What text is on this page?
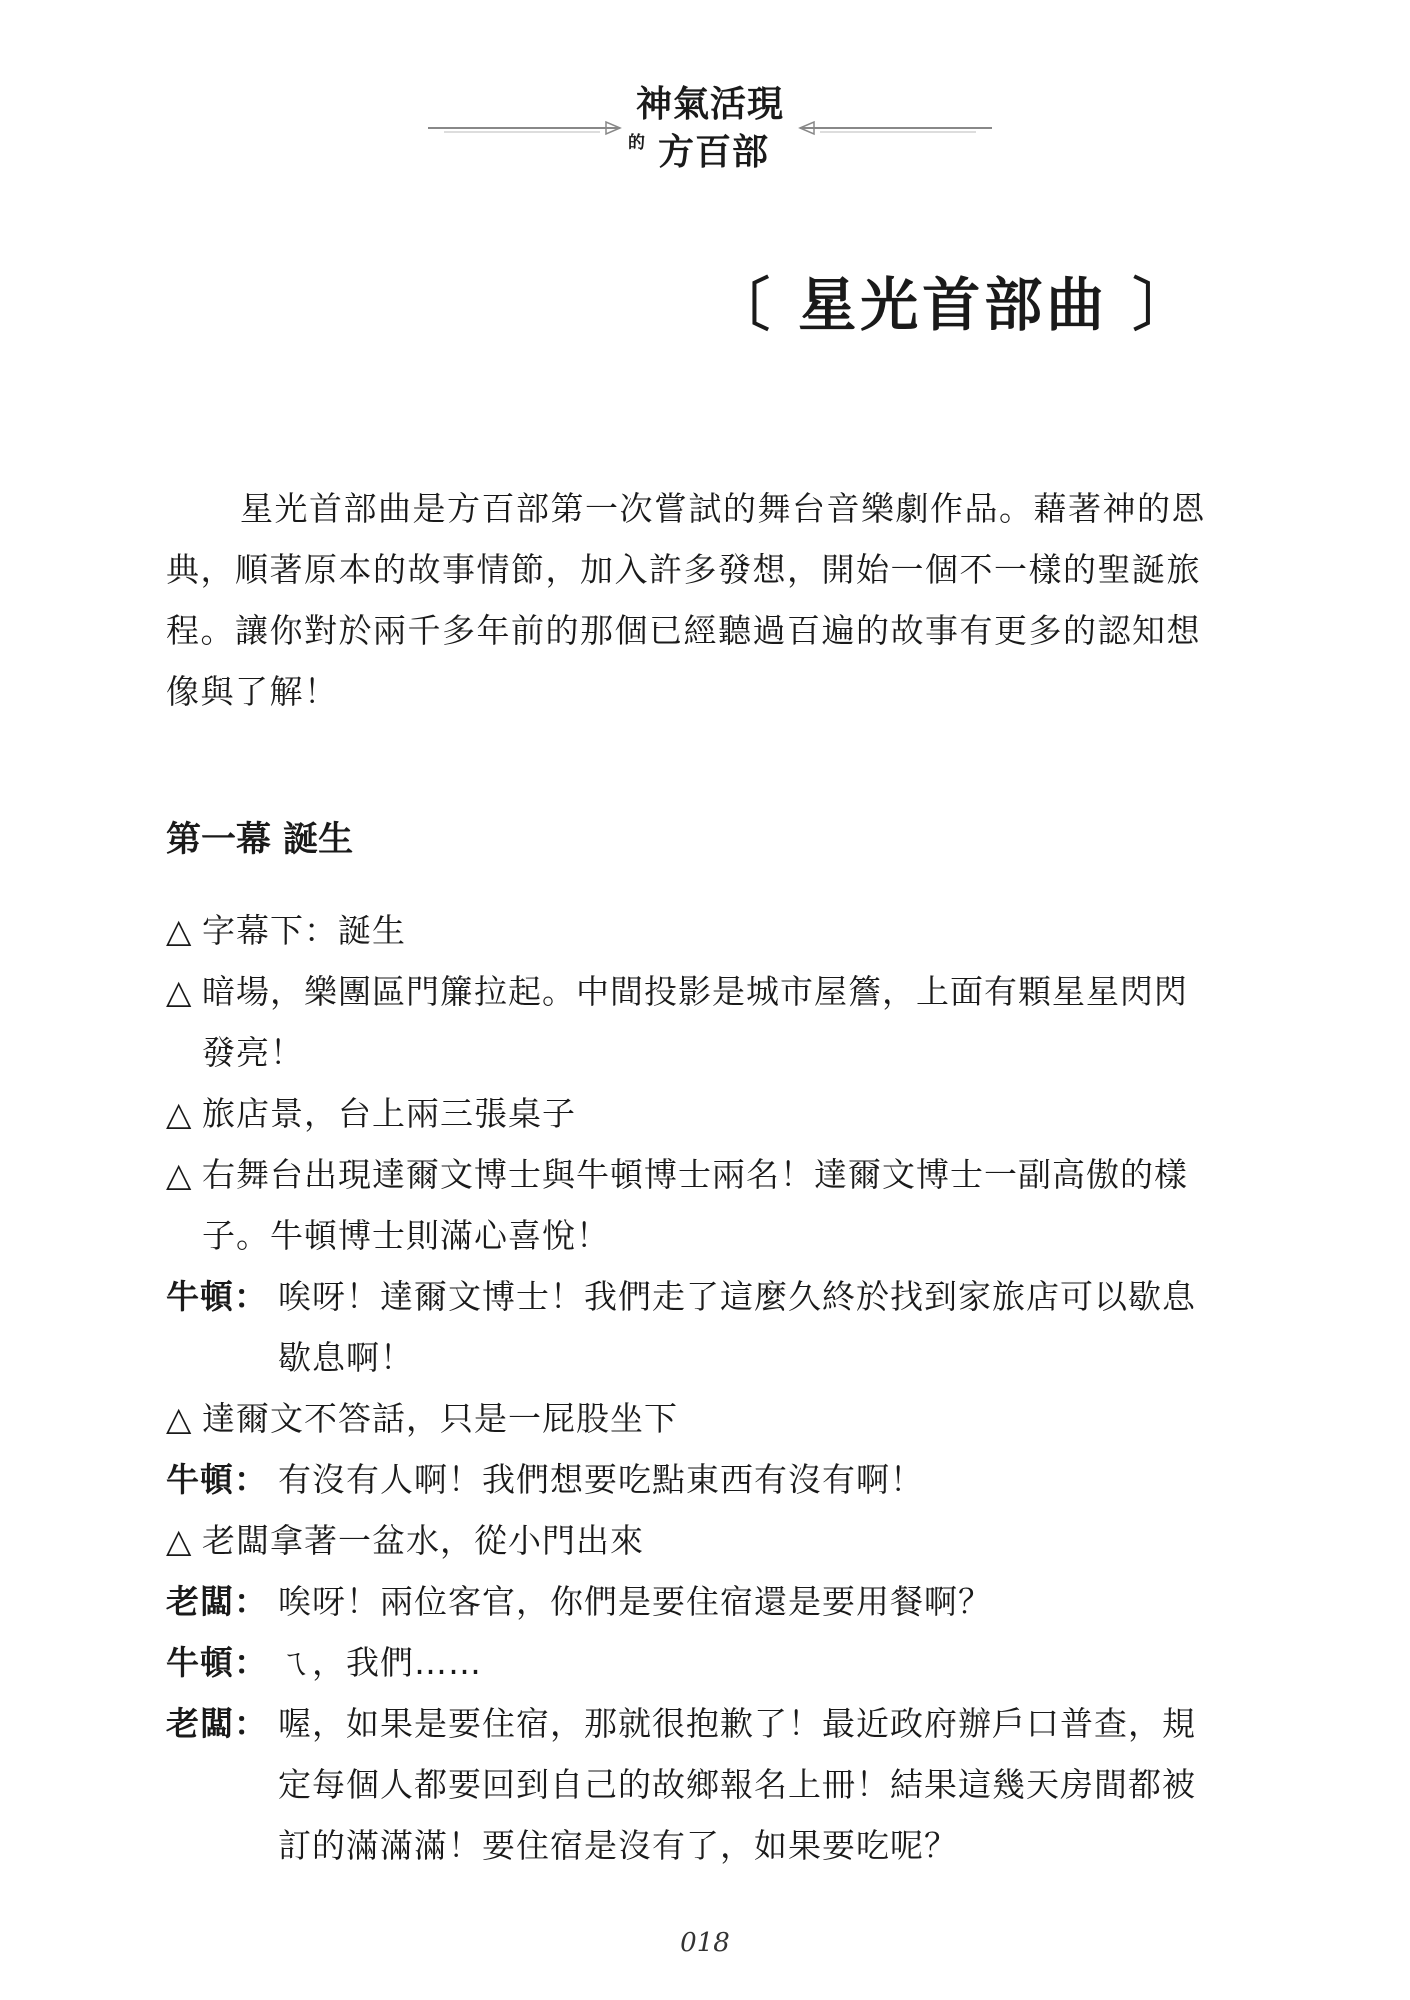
神氣活現
的 方百部
〔 星光首部曲 〕
星光首部曲是方百部第一次嘗試的舞台音樂劇作品。藉著神的恩典，順著原本的故事情節，加入許多發想，開始一個不一樣的聖誕旅程。讓你對於兩千多年前的那個已經聽過百遍的故事有更多的認知想像與了解！
第一幕 誕生
△ 字幕下：誕生
△ 暗場，樂團區門簾拉起。中間投影是城市屋簷，上面有顆星星閃閃發亮！
△ 旅店景，台上兩三張桌子
△ 右舞台出現達爾文博士與牛頓博士兩名！達爾文博士一副高傲的樣子。牛頓博士則滿心喜悅！
牛頓： 唉呀！達爾文博士！我們走了這麼久終於找到家旅店可以歇息歇息啊！
△ 達爾文不答話，只是一屁股坐下
牛頓： 有沒有人啊！我們想要吃點東西有沒有啊！
△ 老闆拿著一盆水，從小門出來
老闆： 唉呀！兩位客官，你們是要住宿還是要用餐啊？
牛頓： ㄟ，我們……
老闆： 喔，如果是要住宿，那就很抱歉了！最近政府辦戶口普查，規定每個人都要回到自己的故鄉報名上冊！結果這幾天房間都被訂的滿滿滿！要住宿是沒有了，如果要吃呢？
018
